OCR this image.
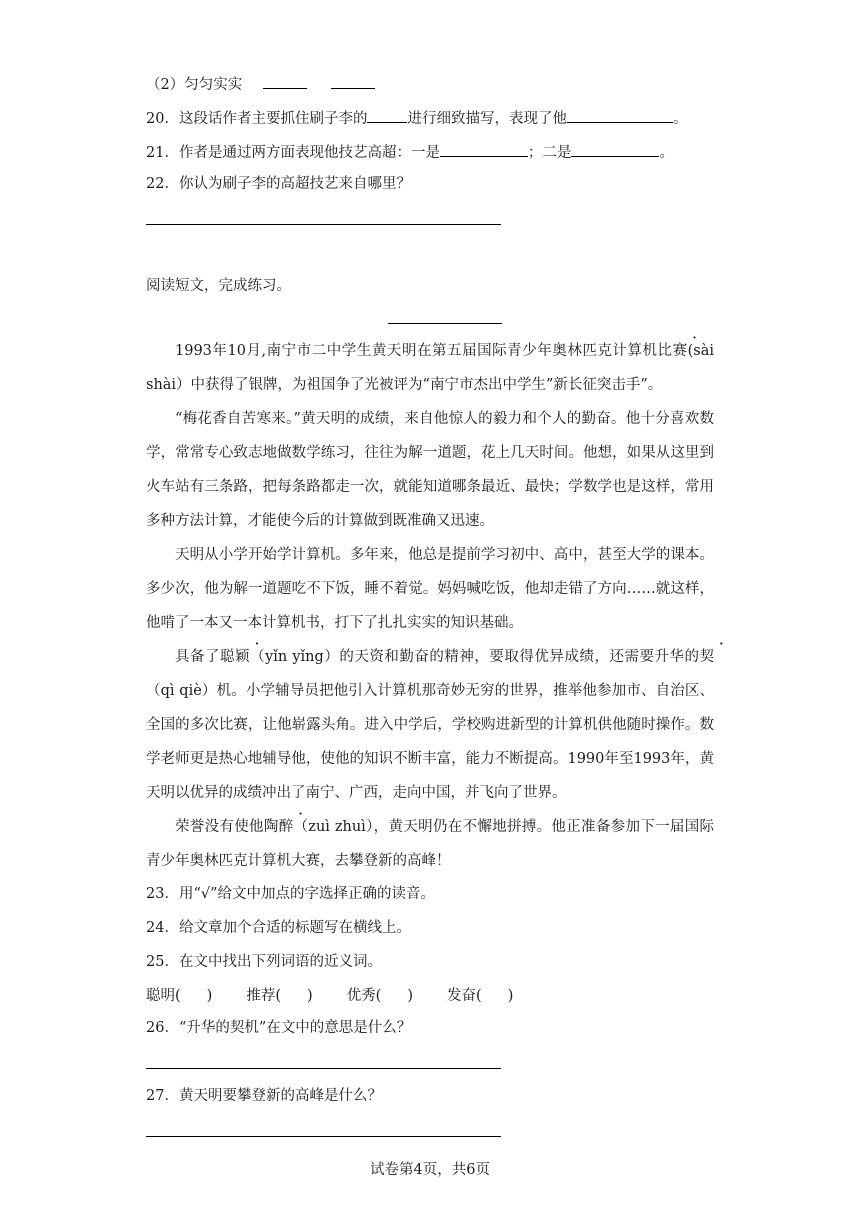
（2）匀匀实实
20．这段话作者主要抓住刷子李的	进行细致描写，表现了他	。
21．作者是通过两方面表现他技艺高超：一是	；二是	。
22．你认为刷子李的高超技艺来自哪里？
阅读短文，完成练习。
1993年10月,南宁市二中学生黄天明在第五届国际青少年奥林匹克计算机比赛(sài shài）中获得了银牌，为祖国争了光被评为“南宁市杰出中学生”新长征突击手”。
“梅花香自苦寒来。”黄天明的成绩，来自他惊人的毅力和个人的勤奋。他十分喜欢数学，常常专心致志地做数学练习，往往为解一道题，花上几天时间。他想，如果从这里到火车站有三条路，把每条路都走一次，就能知道哪条最近、最快；学数学也是这样，常用多种方法计算，才能使今后的计算做到既准确又迅速。
天明从小学开始学计算机。多年来，他总是提前学习初中、高中，甚至大学的课本。多少次，他为解一道题吃不下饭，睡不着觉。妈妈喊吃饭，他却走错了方向……就这样，他啃了一本又一本计算机书，打下了扎扎实实的知识基础。
具备了聪颖（yǐn yǐng）的天资和勤奋的精神，要取得优异成绩，还需要升华的契（qì qiè）机。小学辅导员把他引入计算机那奇妙无穷的世界，推举他参加市、自治区、全国的多次比赛，让他崭露头角。进入中学后，学校购进新型的计算机供他随时操作。数学老师更是热心地辅导他，使他的知识不断丰富，能力不断提高。1990年至1993年，黄天明以优异的成绩冲出了南宁、广西，走向中国，并飞向了世界。
荣誉没有使他陶醉（zuì zhuì），黄天明仍在不懈地拼搏。他正准备参加下一届国际青少年奥林匹克计算机大赛，去攀登新的高峰！
23．用“√”给文中加点的字选择正确的读音。
24．给文章加个合适的标题写在横线上。
25．在文中找出下列词语的近义词。
聪明( ) 推荐( ) 优秀( ) 发奋( )
26．“升华的契机”在文中的意思是什么？
27．黄天明要攀登新的高峰是什么？
试卷第4页，共6页
